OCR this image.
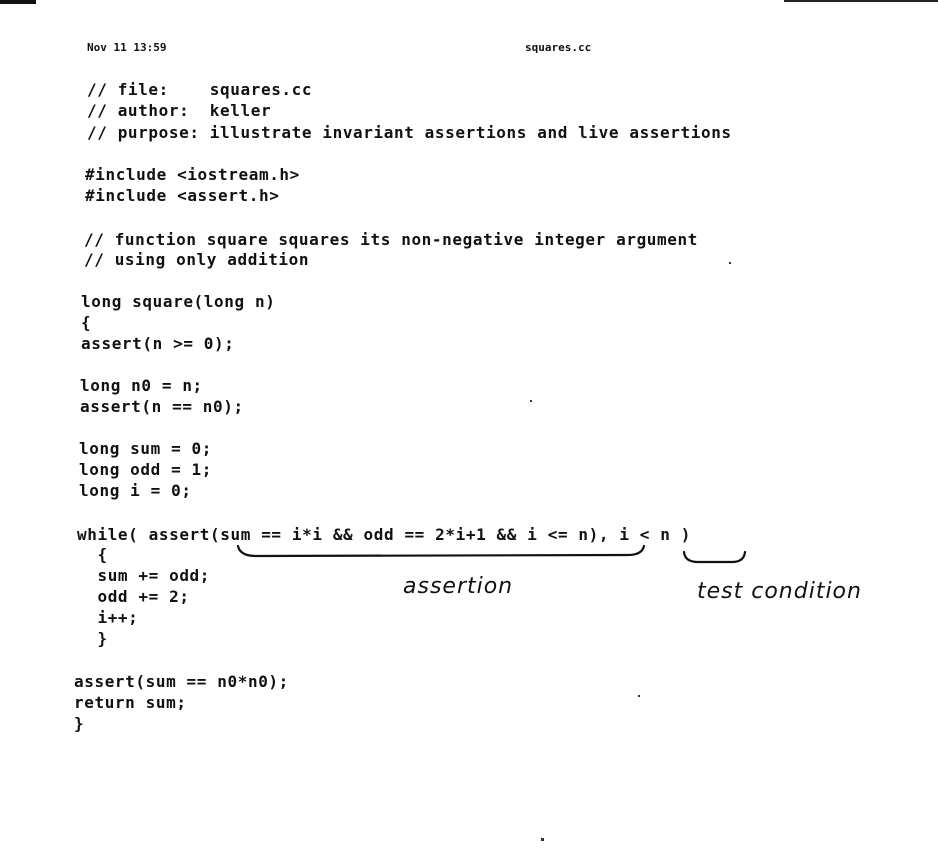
Nov 11 13:59	squares.cc
// file:    squares.cc
// author:  keller
// purpose: illustrate invariant assertions and live assertions
#include <iostream.h>
#include <assert.h>
// function square squares its non-negative integer argument
// using only addition
long square(long n)
{
assert(n >= 0);
long n0 = n;
assert(n == n0);
long sum = 0;
long odd = 1;
long i = 0;
while( assert(sum == i*i && odd == 2*i+1 && i <= n), i < n )
{
sum += odd;
odd += 2;
i++;
}
assert(sum == n0*n0);
return sum;
}
assertion	test condition
